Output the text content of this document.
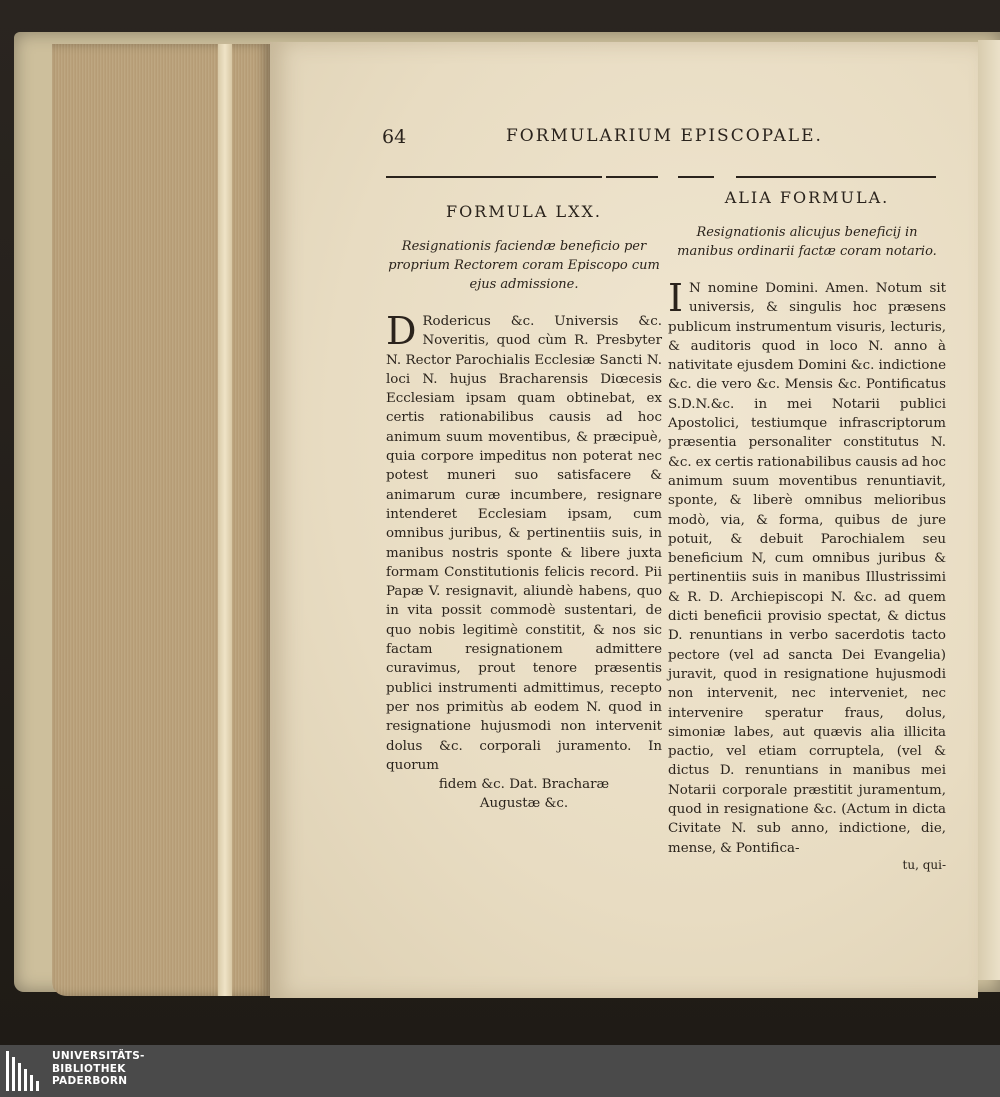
64	FORMULARIUM EPISCOPALE.
FORMULA LXX.
Resignationis faciendæ beneficio per proprium Rectorem coram Episcopo cum ejus admissione.

D Rodericus &c. Universis &c. Noveritis, quod cùm R. Presbyter N. Rector Parochialis Ecclesiæ Sancti N. loci N. hujus Bracharensis Diœcesis Ecclesiam ipsam quam obtinebat, ex certis rationabilibus causis ad hoc animum suum moventibus, & præcipuè, quia corpore impeditus non poterat nec potest muneri suo satisfacere & animarum curæ incumbere, resignare intenderet Ecclesiam ipsam, cum omnibus juribus, & pertinentiis suis, in manibus nostris sponte & libere juxta formam Constitutionis felicis record. Pii Papæ V. resignavit, aliundè habens, quo in vita possit commodè sustentari, de quo nobis legitimè constitit, & nos sic factam resignationem admittere curavimus, prout tenore præsentis publici instrumenti admittimus, recepto per nos primitùs ab eodem N. quod in resignatione hujusmodi non intervenit dolus &c. corporali juramento. In quorum

fidem &c. Dat. Bracharæ

Augustæ &c.

ALIA FORMULA.
Resignationis alicujus beneficij in manibus ordinarii factæ coram notario.

I N nomine Domini. Amen. Notum sit universis, & singulis hoc præsens publicum instrumentum visuris, lecturis, & auditoris quod in loco N. anno à nativitate ejusdem Domini &c. indictione &c. die vero &c. Mensis &c. Pontificatus S.D.N.&c. in mei Notarii publici Apostolici, testiumque infrascriptorum præsentia personaliter constitutus N. &c. ex certis rationabilibus causis ad hoc animum suum moventibus renuntiavit, sponte, & liberè omnibus melioribus modò, via, & forma, quibus de jure potuit, & debuit Parochialem seu beneficium N, cum omnibus juribus & pertinentiis suis in manibus Illustrissimi & R. D. Archiepiscopi N. &c. ad quem dicti beneficii provisio spectat, & dictus D. renuntians in verbo sacerdotis tacto pectore (vel ad sancta Dei Evangelia) juravit, quod in resignatione hujusmodi non intervenit, nec interveniet, nec intervenire speratur fraus, dolus, simoniæ labes, aut quævis alia illicita pactio, vel etiam corruptela, (vel & dictus D. renuntians in manibus mei Notarii corporale præstitit juramentum, quod in resignatione &c. (Actum in dicta Civitate N. sub anno, indictione, die, mense, & Pontifica-

tu, qui-
UNIVERSITÄTS-
BIBLIOTHEK
PADERBORN
